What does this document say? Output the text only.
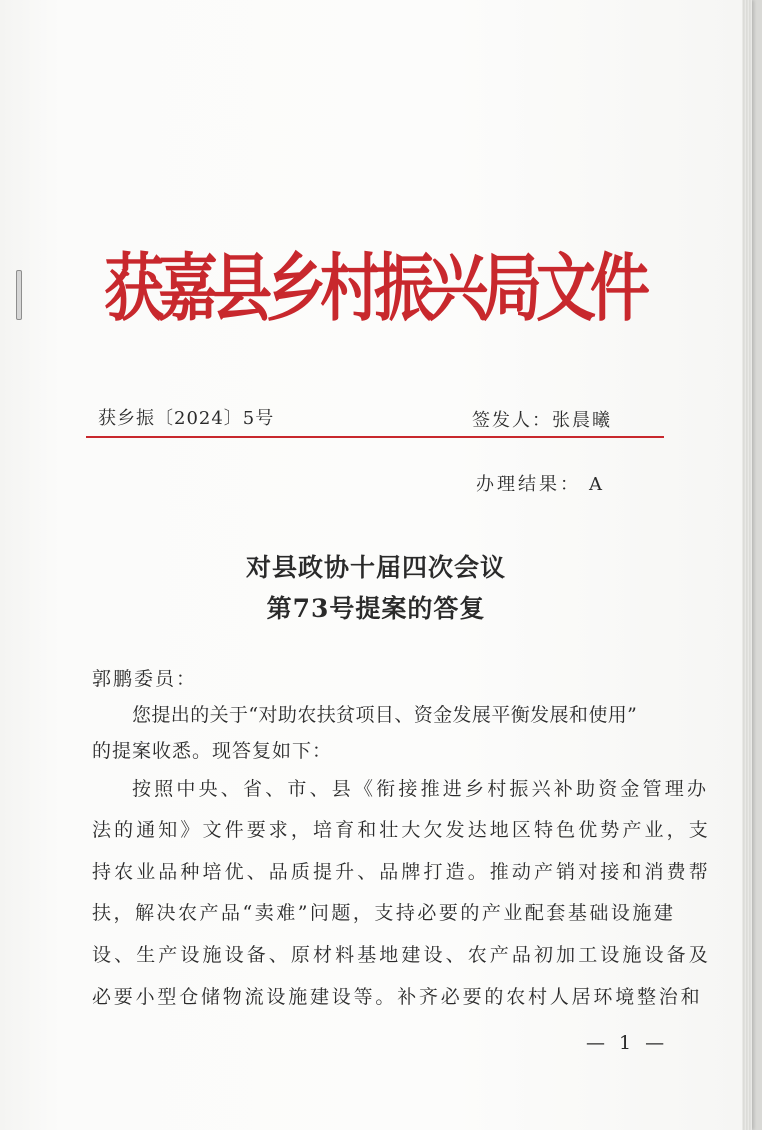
获嘉县乡村振兴局文件
获乡振〔2024〕5号	签发人：张晨曦
办理结果： A
对县政协十届四次会议
第73号提案的答复
郭鹏委员：
您提出的关于“对助农扶贫项目、资金发展平衡发展和使用”
的提案收悉。现答复如下：
按照中央、省、市、县《衔接推进乡村振兴补助资金管理办
法的通知》文件要求，培育和壮大欠发达地区特色优势产业，支
持农业品种培优、品质提升、品牌打造。推动产销对接和消费帮
扶，解决农产品“卖难”问题，支持必要的产业配套基础设施建
设、生产设施设备、原材料基地建设、农产品初加工设施设备及
必要小型仓储物流设施建设等。补齐必要的农村人居环境整治和
— 1 —
